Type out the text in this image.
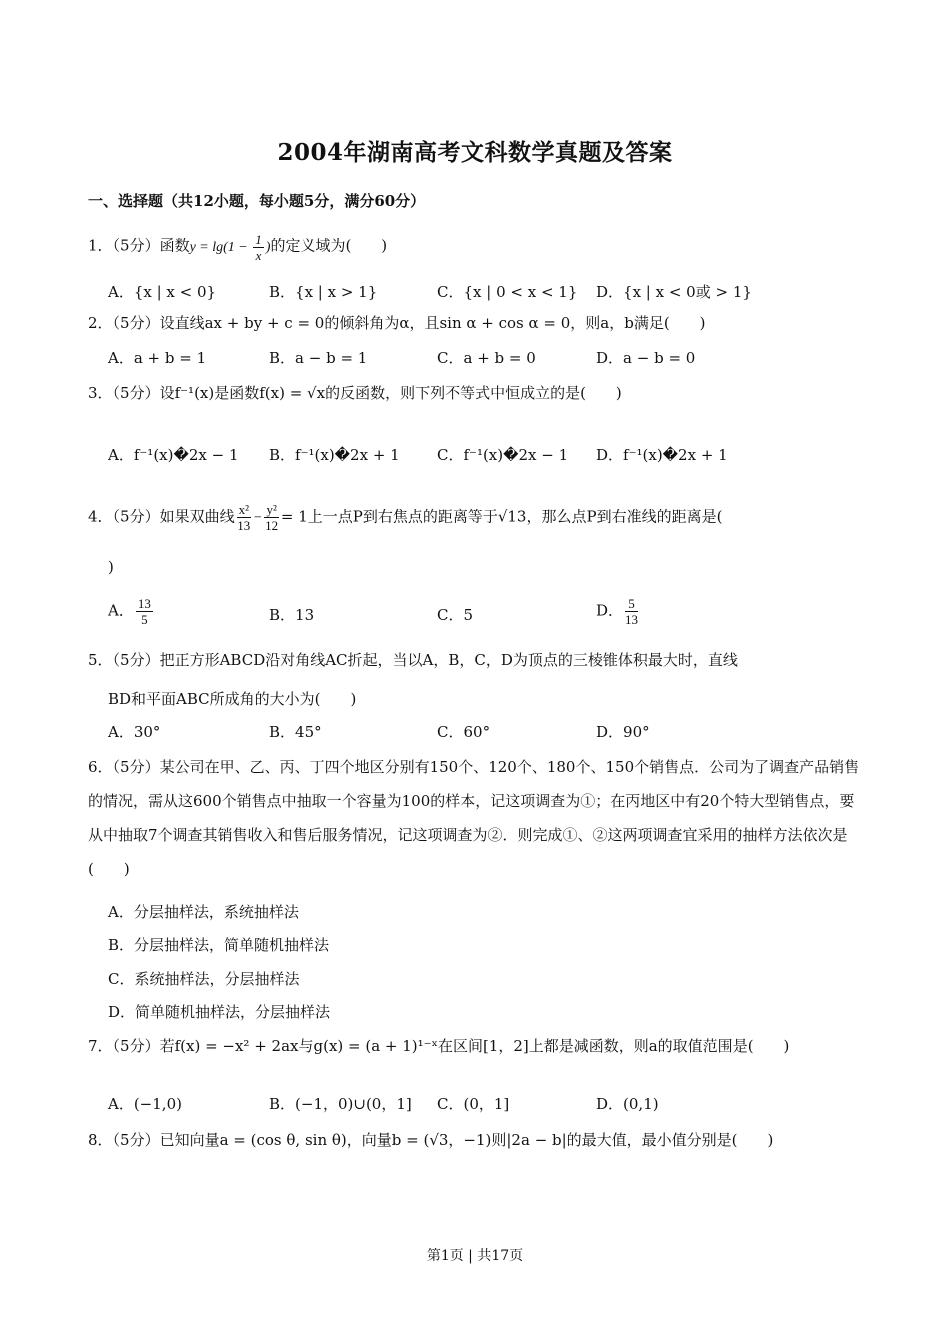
2004年湖南高考文科数学真题及答案
一、选择题（共12小题，每小题5分，满分60分）
1．（5分）函数$y = \lg(1 - \frac{1}{x}$ )的定义域为(　　)
A．{x | x < 0}	B．{x | x > 1}	C．{x | 0 < x < 1} D．{x | x < 0或 > 1}
2．（5分）设直线ax + by + c = 0的倾斜角为α，且sin α + cos α = 0，则a，b满足(　　)
A．a + b = 1	B．a − b = 1	C．a + b = 0	D．a − b = 0
3．（5分）设f⁻¹(x)是函数f(x) = √x的反函数，则下列不等式中恒成立的是(　　)
A．f⁻¹(x)�2x − 1 B．f⁻¹(x)�2x + 1 C．f⁻¹(x)�2x − 1 D．f⁻¹(x)�2x + 1
4．（5分）如果双曲线 $\frac{\text{x²}}{13} - \frac{\text{y²}}{12} = 1$上一点P到右焦点的距离等于√13，那么点P到右准线的距离是(
)
A． $\frac{13}{5}$	B．13	C．5	D． $\frac{5}{13}$
5．（5分）把正方形ABCD沿对角线AC折起，当以A，B，C，D为顶点的三棱锥体积最大时，直线
BD和平面ABC所成角的大小为(　　)
A．30°	B．45°	C．60°	D．90°
6．（5分）某公司在甲、乙、丙、丁四个地区分别有150个、120个、180个、150个销售点．公司为了调查产品销售的情况，需从这600个销售点中抽取一个容量为100的样本，记这项调查为①；在丙地区中有20个特大型销售点，要从中抽取7个调查其销售收入和售后服务情况，记这项调查为②．则完成①、②这两项调查宜采用的抽样方法依次是(　　)
A．分层抽样法，系统抽样法
B．分层抽样法，简单随机抽样法
C．系统抽样法，分层抽样法
D．简单随机抽样法，分层抽样法
7．（5分）若f(x) = −x² + 2ax与g(x) = (a + 1)¹⁻ˣ在区间[1，2]上都是减函数，则a的取值范围是(　　)
A．(−1,0)	B．(−1，0)∪(0，1] C．(0，1]	D．(0,1)
8．（5分）已知向量a = (cos θ, sin θ)，向量b = (√3，−1)则|2a − b|的最大值，最小值分别是(　　)
第1页 | 共17页
